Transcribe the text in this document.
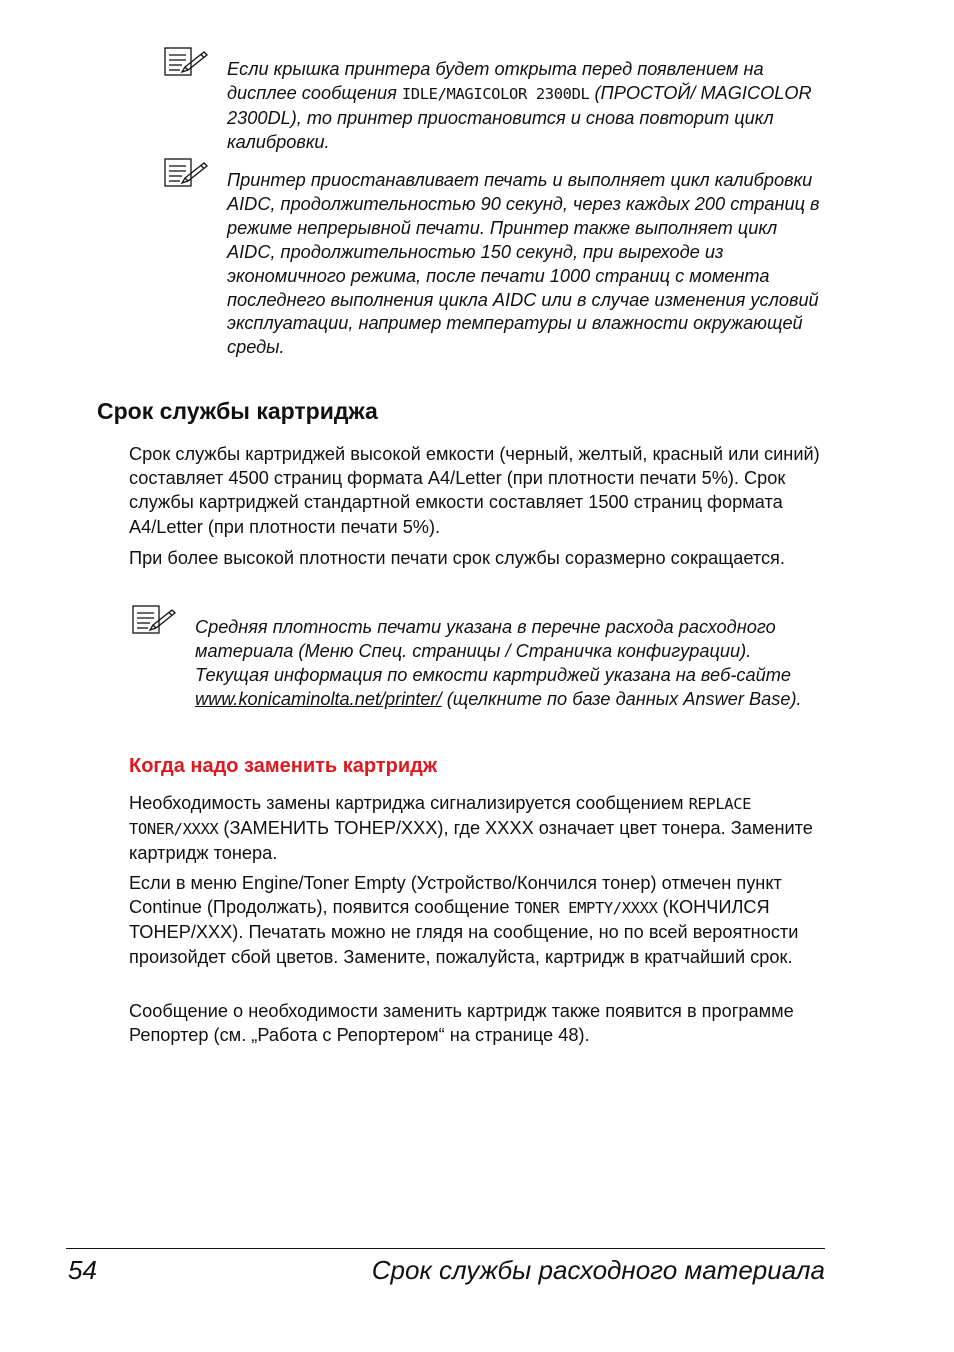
Если крышка принтера будет открыта перед появлением на дисплее сообщения IDLE/MAGICOLOR 2300DL (ПРОСТОЙ/ MAGICOLOR 2300DL), то принтер приостановится и снова повторит цикл калибровки.

Принтер приостанавливает печать и выполняет цикл калибровки AIDC, продолжительностью 90 секунд, через каждых 200 страниц в режиме непрерывной печати. Принтер также выполняет цикл AIDC, продолжительностью 150 секунд, при выреходе из экономичного режима, после печати 1000 страниц с момента последнего выполнения цикла AIDC или в случае изменения условий эксплуатации, например температуры и влажности окружающей среды.

Срок службы картриджа

Срок службы картриджей высокой емкости (черный, желтый, красный или синий) составляет 4500 страниц формата A4/Letter (при плотности печати 5%). Срок службы картриджей стандартной емкости составляет 1500 страниц формата A4/Letter (при плотности печати 5%).

При более высокой плотности печати срок службы соразмерно сокращается.

Средняя плотность печати указана в перечне расхода расходного материала (Меню Спец. страницы / Страничка конфигурации). Текущая информация по емкости картриджей указана на веб-сайте www.konicaminolta.net/printer/ (щелкните по базе данных Answer Base).

Когда надо заменить картридж

Необходимость замены картриджа сигнализируется сообщением REPLACE TONER/XXXX (ЗАМЕНИТЬ ТОНЕР/XXX), где XXXX означает цвет тонера. Замените картридж тонера.

Если в меню Engine/Toner Empty (Устройство/Кончился тонер) отмечен пункт Continue (Продолжать), появится сообщение TONER EMPTY/XXXX (КОНЧИЛСЯ ТОНЕР/XXX). Печатать можно не глядя на сообщение, но по всей вероятности произойдет сбой цветов. Замените, пожалуйста, картридж в кратчайший срок.

Сообщение о необходимости заменить картридж также появится в программе Репортер (см. „Работа с Репортером“ на странице 48).

54	Срок службы расходного материала
